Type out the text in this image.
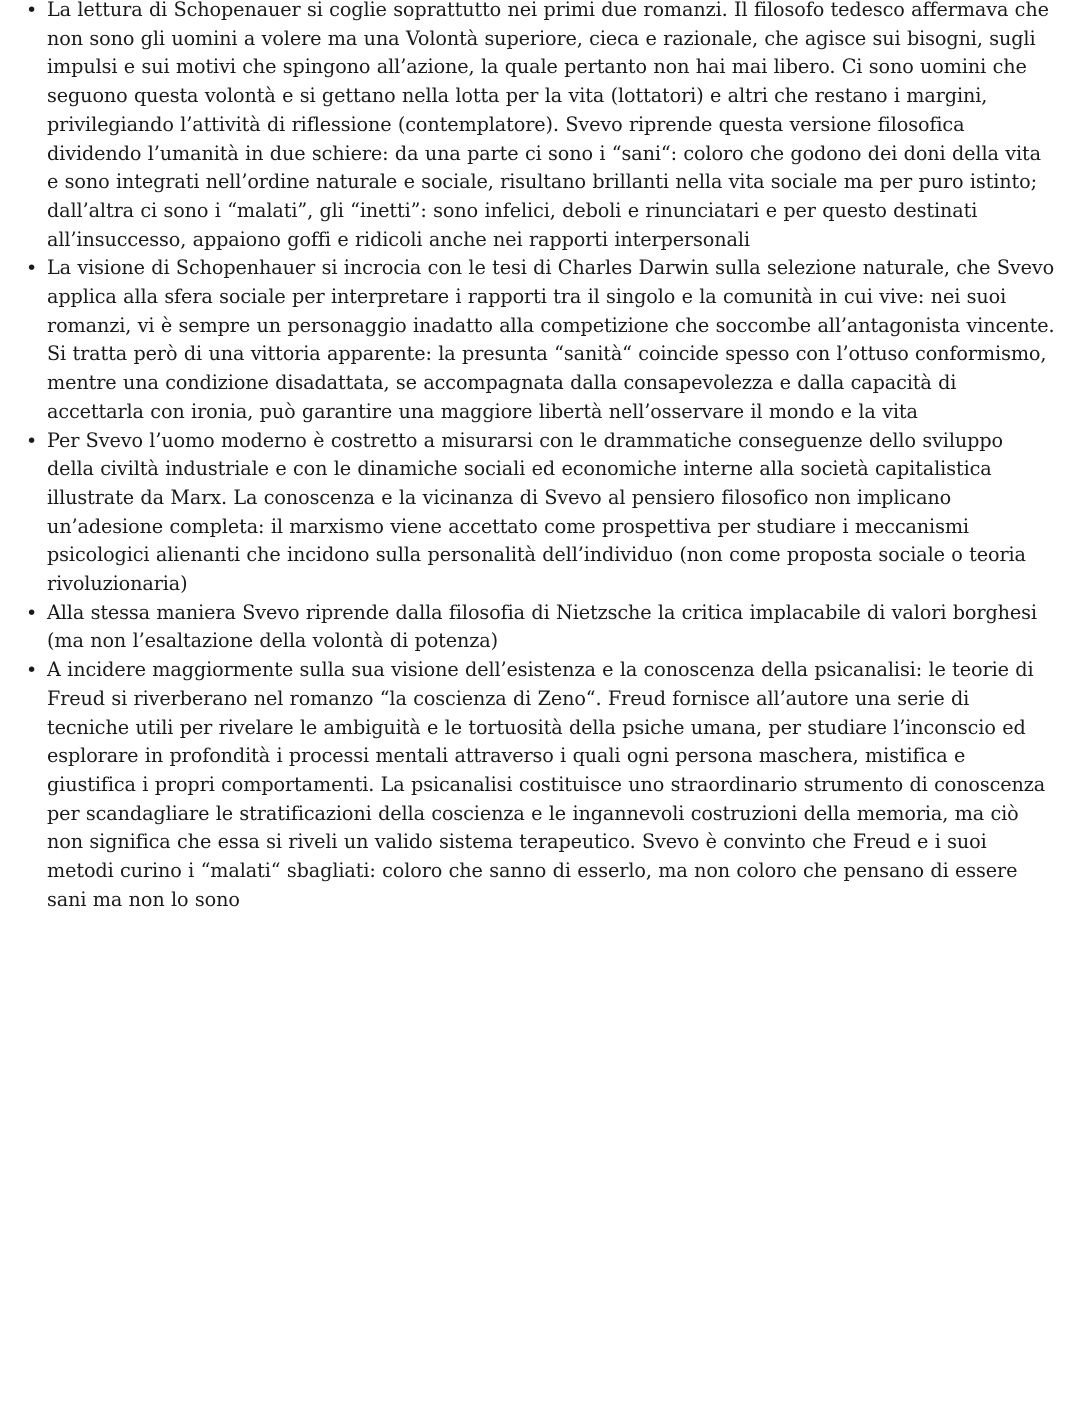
• La lettura di Schopenauer si coglie soprattutto nei primi due romanzi. Il filosofo tedesco affermava che non sono gli uomini a volere ma una Volontà superiore, cieca e razionale, che agisce sui bisogni, sugli impulsi e sui motivi che spingono all’azione, la quale pertanto non hai mai libero. Ci sono uomini che seguono questa volontà e si gettano nella lotta per la vita (lottatori) e altri che restano i margini, privilegiando l’attività di riflessione (contemplatore). Svevo riprende questa versione filosofica dividendo l’umanità in due schiere: da una parte ci sono i “sani“: coloro che godono dei doni della vita e sono integrati nell’ordine naturale e sociale, risultano brillanti nella vita sociale ma per puro istinto; dall’altra ci sono i “malati”, gli “inetti”: sono infelici, deboli e rinunciatari e per questo destinati all’insuccesso, appaiono goffi e ridicoli anche nei rapporti interpersonali
• La visione di Schopenhauer si incrocia con le tesi di Charles Darwin sulla selezione naturale, che Svevo applica alla sfera sociale per interpretare i rapporti tra il singolo e la comunità in cui vive: nei suoi romanzi, vi è sempre un personaggio inadatto alla competizione che soccombe all’antagonista vincente. Si tratta però di una vittoria apparente: la presunta “sanità“ coincide spesso con l’ottuso conformismo, mentre una condizione disadattata, se accompagnata dalla consapevolezza e dalla capacità di accettarla con ironia, può garantire una maggiore libertà nell’osservare il mondo e la vita
• Per Svevo l’uomo moderno è costretto a misurarsi con le drammatiche conseguenze dello sviluppo della civiltà industriale e con le dinamiche sociali ed economiche interne alla società capitalistica illustrate da Marx. La conoscenza e la vicinanza di Svevo al pensiero filosofico non implicano un’adesione completa: il marxismo viene accettato come prospettiva per studiare i meccanismi psicologici alienanti che incidono sulla personalità dell’individuo (non come proposta sociale o teoria rivoluzionaria)
• Alla stessa maniera Svevo riprende dalla filosofia di Nietzsche la critica implacabile di valori borghesi (ma non l’esaltazione della volontà di potenza)
• A incidere maggiormente sulla sua visione dell’esistenza e la conoscenza della psicanalisi: le teorie di Freud si riverberano nel romanzo “la coscienza di Zeno“. Freud fornisce all’autore una serie di tecniche utili per rivelare le ambiguità e le tortuosità della psiche umana, per studiare l’inconscio ed esplorare in profondità i processi mentali attraverso i quali ogni persona maschera, mistifica e giustifica i propri comportamenti. La psicanalisi costituisce uno straordinario strumento di conoscenza per scandagliare le stratificazioni della coscienza e le ingannevoli costruzioni della memoria, ma ciò non significa che essa si riveli un valido sistema terapeutico. Svevo è convinto che Freud e i suoi metodi curino i “malati“ sbagliati: coloro che sanno di esserlo, ma non coloro che pensano di essere sani ma non lo sono
